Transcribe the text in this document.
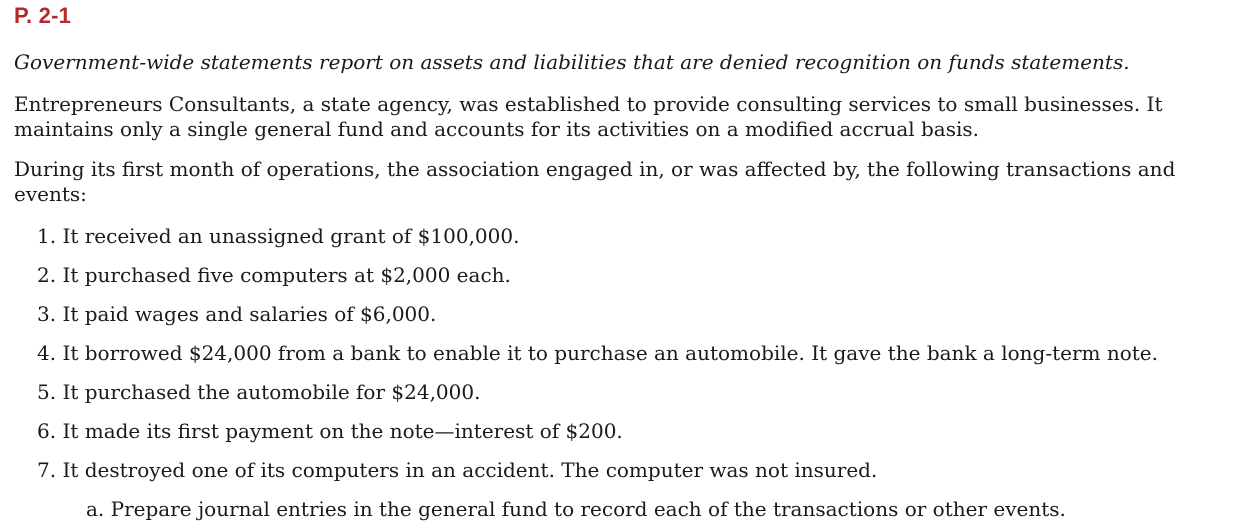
P. 2-1
Government-wide statements report on assets and liabilities that are denied recognition on funds statements.
Entrepreneurs Consultants, a state agency, was established to provide consulting services to small businesses. It maintains only a single general fund and accounts for its activities on a modified accrual basis.
During its first month of operations, the association engaged in, or was affected by, the following transactions and events:
1. It received an unassigned grant of $100,000.
2. It purchased five computers at $2,000 each.
3. It paid wages and salaries of $6,000.
4. It borrowed $24,000 from a bank to enable it to purchase an automobile. It gave the bank a long-term note.
5. It purchased the automobile for $24,000.
6. It made its first payment on the note—interest of $200.
7. It destroyed one of its computers in an accident. The computer was not insured.
a. Prepare journal entries in the general fund to record each of the transactions or other events.
